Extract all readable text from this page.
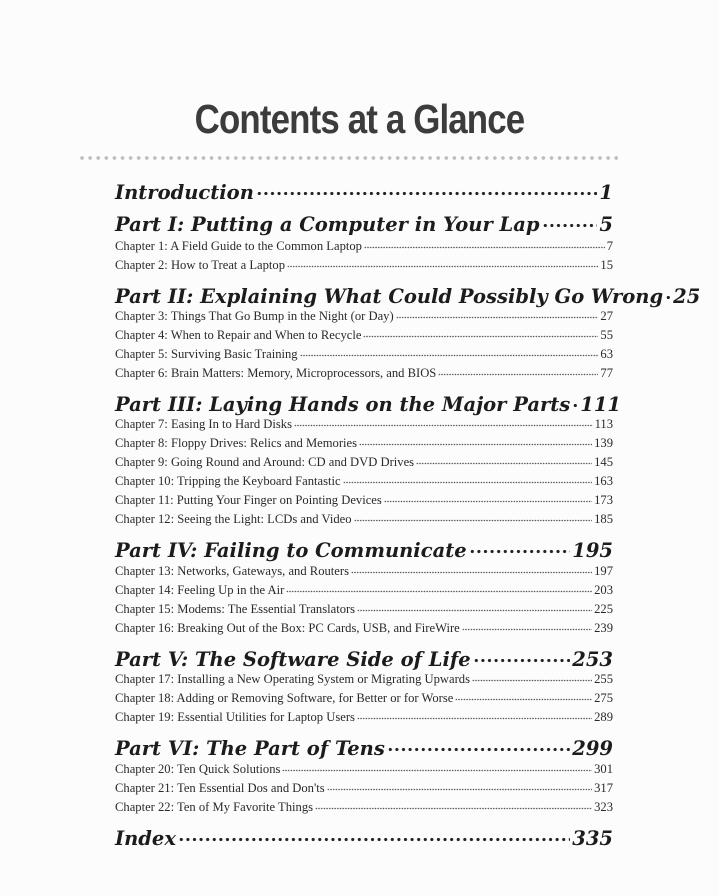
Contents at a Glance
Introduction	1
Part I: Putting a Computer in Your Lap	5
Chapter 1: A Field Guide to the Common Laptop	7
Chapter 2: How to Treat a Laptop	15
Part II: Explaining What Could Possibly Go Wrong 25
Chapter 3: Things That Go Bump in the Night (or Day)	27
Chapter 4: When to Repair and When to Recycle	55
Chapter 5: Surviving Basic Training	63
Chapter 6: Brain Matters: Memory, Microprocessors, and BIOS	77
Part III: Laying Hands on the Major Parts 111
Chapter 7: Easing In to Hard Disks	113
Chapter 8: Floppy Drives: Relics and Memories	139
Chapter 9: Going Round and Around: CD and DVD Drives	145
Chapter 10: Tripping the Keyboard Fantastic	163
Chapter 11: Putting Your Finger on Pointing Devices	173
Chapter 12: Seeing the Light: LCDs and Video	185
Part IV: Failing to Communicate	195
Chapter 13: Networks, Gateways, and Routers	197
Chapter 14: Feeling Up in the Air	203
Chapter 15: Modems: The Essential Translators	225
Chapter 16: Breaking Out of the Box: PC Cards, USB, and FireWire	239
Part V: The Software Side of Life	253
Chapter 17: Installing a New Operating System or Migrating Upwards	255
Chapter 18: Adding or Removing Software, for Better or for Worse	275
Chapter 19: Essential Utilities for Laptop Users	289
Part VI: The Part of Tens	299
Chapter 20: Ten Quick Solutions	301
Chapter 21: Ten Essential Dos and Don'ts	317
Chapter 22: Ten of My Favorite Things	323
Index	335
